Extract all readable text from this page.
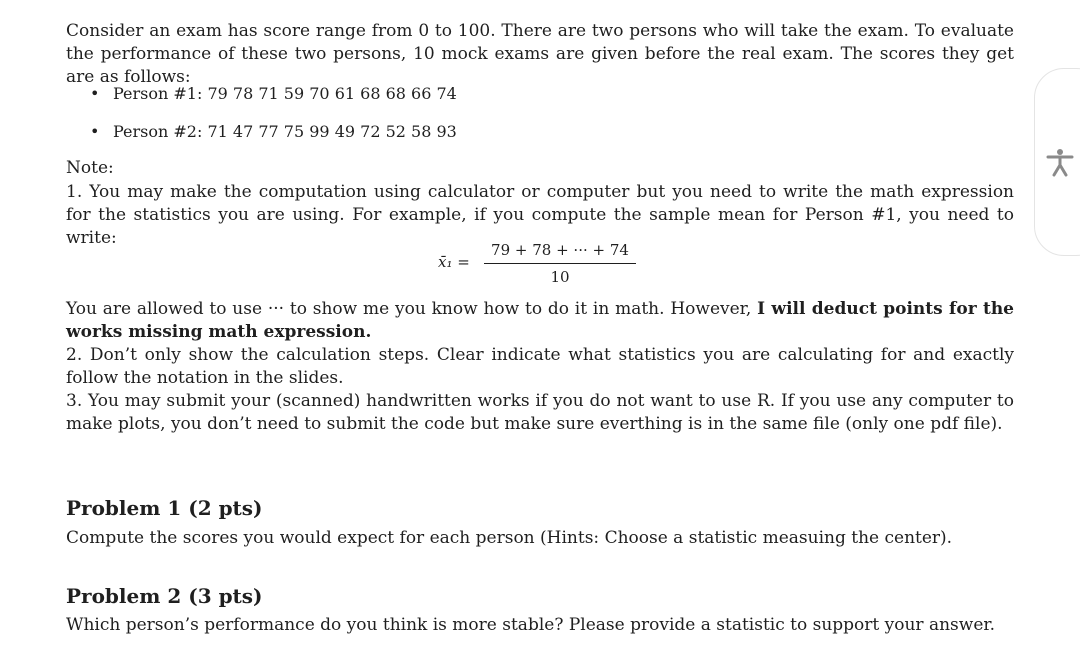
Consider an exam has score range from 0 to 100. There are two persons who will take the exam. To evaluate the performance of these two persons, 10 mock exams are given before the real exam. The scores they get are as follows:
• Person #1: 79 78 71 59 70 61 68 68 66 74
• Person #2: 71 47 77 75 99 49 72 52 58 93
Note:
1. You may make the computation using calculator or computer but you need to write the math expression for the statistics you are using. For example, if you compute the sample mean for Person #1, you need to write:
x̄₁ =
79 + 78 + ··· + 74
10
You are allowed to use ··· to show me you know how to do it in math. However, I will deduct points for the works missing math expression.
2. Don’t only show the calculation steps. Clear indicate what statistics you are calculating for and exactly follow the notation in the slides.
3. You may submit your (scanned) handwritten works if you do not want to use R. If you use any computer to make plots, you don’t need to submit the code but make sure everthing is in the same file (only one pdf file).
Problem 1 (2 pts)
Compute the scores you would expect for each person (Hints: Choose a statistic measuing the center).
Problem 2 (3 pts)
Which person’s performance do you think is more stable? Please provide a statistic to support your answer.
